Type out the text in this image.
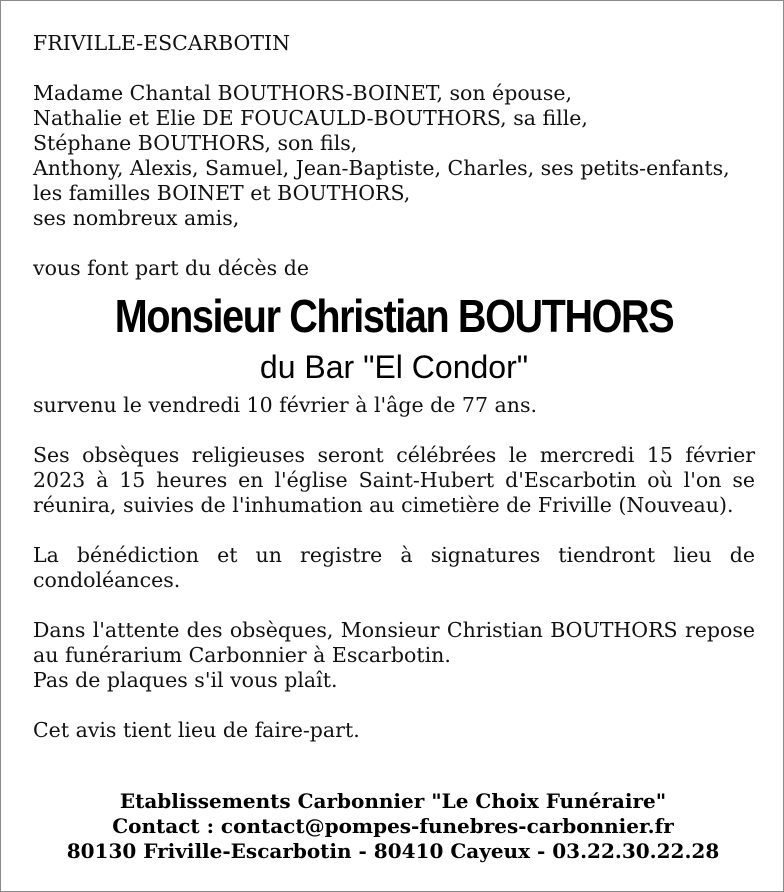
FRIVILLE-ESCARBOTIN
Madame Chantal BOUTHORS-BOINET, son épouse,
Nathalie et Elie DE FOUCAULD-BOUTHORS, sa fille,
Stéphane BOUTHORS, son fils,
Anthony, Alexis, Samuel, Jean-Baptiste, Charles, ses petits-enfants,
les familles BOINET et BOUTHORS,
ses nombreux amis,
vous font part du décès de
Monsieur Christian BOUTHORS
du Bar "El Condor"
survenu le vendredi 10 février à l'âge de 77 ans.
Ses obsèques religieuses seront célébrées le mercredi 15 février 2023 à 15 heures en l'église Saint-Hubert d'Escarbotin où l'on se réunira, suivies de l'inhumation au cimetière de Friville (Nouveau).
La bénédiction et un registre à signatures tiendront lieu de condoléances.
Dans l'attente des obsèques, Monsieur Christian BOUTHORS repose au funérarium Carbonnier à Escarbotin.
Pas de plaques s'il vous plaît.
Cet avis tient lieu de faire-part.
Etablissements Carbonnier "Le Choix Funéraire"
Contact : contact@pompes-funebres-carbonnier.fr
80130 Friville-Escarbotin - 80410 Cayeux - 03.22.30.22.28
